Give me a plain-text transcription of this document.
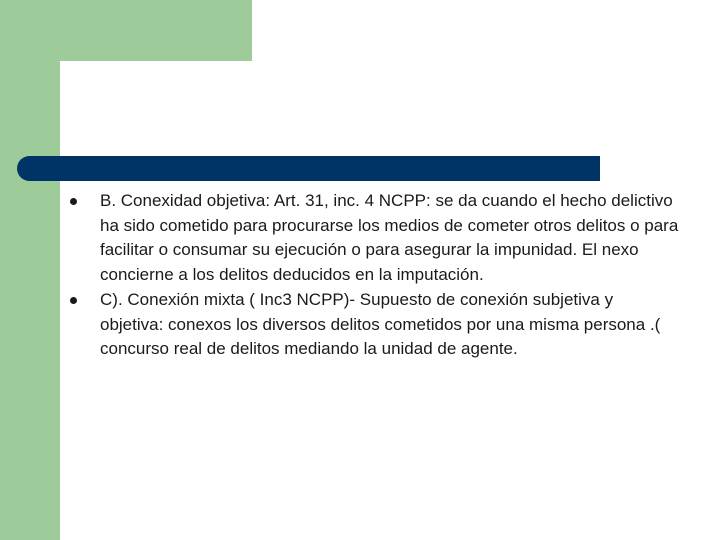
B. Conexidad objetiva: Art. 31, inc. 4 NCPP: se da cuando el hecho delictivo ha sido cometido para procurarse los medios de cometer otros delitos o para facilitar o consumar su ejecución o para asegurar la impunidad. El nexo concierne a los delitos deducidos en la imputación.
C). Conexión mixta ( Inc3 NCPP)- Supuesto de conexión subjetiva y objetiva: conexos los diversos delitos cometidos por una misma persona .( concurso real de delitos mediando la unidad de agente.
